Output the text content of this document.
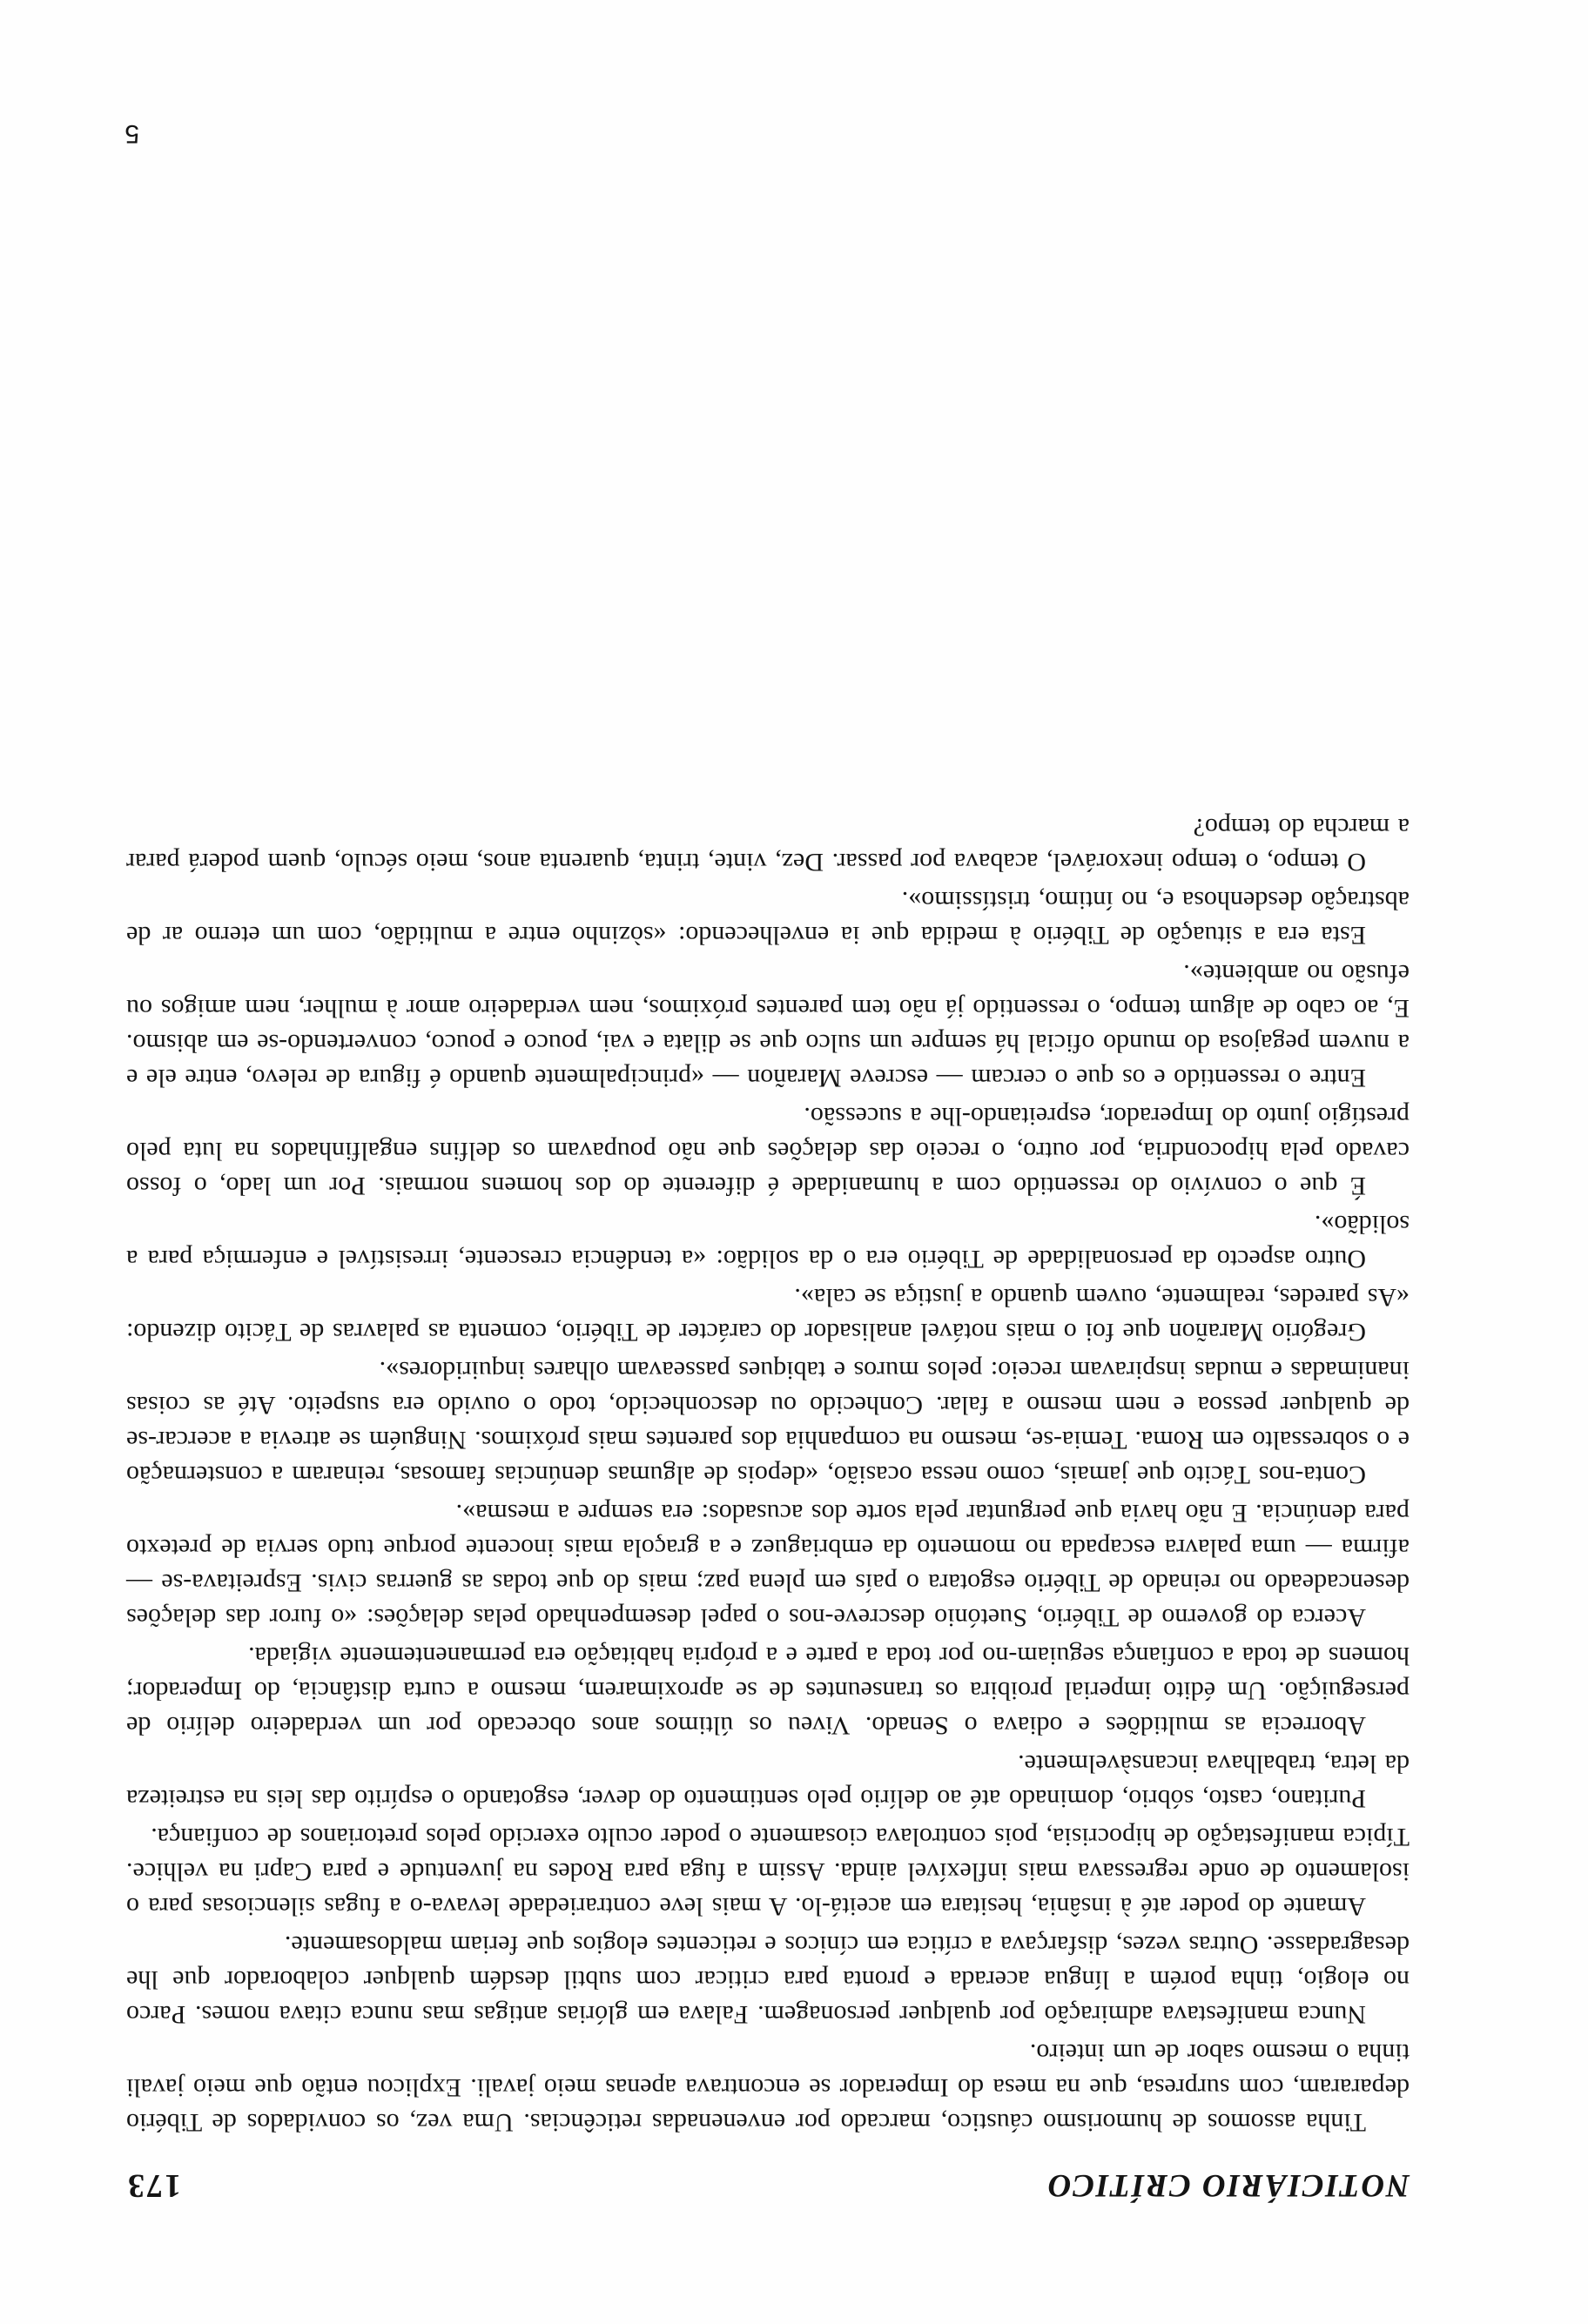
NOTICIÁRIO CRÍTICO
173

Tinha assomos de humorismo cáustico, marcado por envenenadas reticências. Uma vez, os convidados de Tibério depararam, com surpresa, que na mesa do Imperador se encontrava apenas meio javali. Explicou então que meio javali tinha o mesmo sabor de um inteiro.

Nunca manifestava admiração por qualquer personagem. Falava em glórias antigas mas nunca citava nomes. Parco no elogio, tinha porém a língua acerada e pronta para criticar com subtil desdém qualquer colaborador que lhe desagradasse. Outras vezes, disfarçava a crítica em cínicos e reticentes elogios que feriam maldosamente.

Amante do poder até à insânia, hesitara em aceitá-lo. A mais leve contrariedade levava-o a fugas silenciosas para o isolamento de onde regressava mais inflexível ainda. Assim a fuga para Rodes na juventude e para Capri na velhice. Típica manifestação de hipocrisia, pois controlava ciosamente o poder oculto exercido pelos pretorianos de confiança.

Puritano, casto, sóbrio, dominado até ao delírio pelo sentimento do dever, esgotando o espírito das leis na estreiteza da letra, trabalhava incansàvelmente.

Aborrecia as multidões e odiava o Senado. Viveu os últimos anos obcecado por um verdadeiro delírio de perseguição. Um édito imperial proibira os transeuntes de se aproximarem, mesmo a curta distância, do Imperador; homens de toda a confiança seguiam-no por toda a parte e a própria habitação era permanentemente vigiada.

Acerca do governo de Tibério, Suetónio descreve-nos o papel desempenhado pelas delações: «o furor das delações desencadeado no reinado de Tibério esgotara o país em plena paz; mais do que todas as guerras civis. Espreitava-se — afirma — uma palavra escapada no momento da embriaguez e a graçola mais inocente porque tudo servia de pretexto para denúncia. E não havia que perguntar pela sorte dos acusados: era sempre a mesma».

Conta-nos Tácito que jamais, como nessa ocasião, «depois de algumas denúncias famosas, reinaram a consternação e o sobressalto em Roma. Temia-se, mesmo na companhia dos parentes mais próximos. Ninguém se atrevia a acercar-se de qualquer pessoa e nem mesmo a falar. Conhecido ou desconhecido, todo o ouvido era suspeito. Até as coisas inanimadas e mudas inspiravam receio: pelos muros e tabiques passeavam olhares inquiridores».

Gregório Marañon que foi o mais notável analisador do carácter de Tibério, comenta as palavras de Tácito dizendo: «As paredes, realmente, ouvem quando a justiça se cala».

Outro aspecto da personalidade de Tibério era o da solidão: «a tendência crescente, irresistível e enfermiça para a solidão».

É que o convívio do ressentido com a humanidade é diferente do dos homens normais. Por um lado, o fosso cavado pela hipocondria, por outro, o receio das delações que não poupavam os delfins engalfinhados na luta pelo prestígio junto do Imperador, espreitando-lhe a sucessão.

Entre o ressentido e os que o cercam — escreve Marañon — «principalmente quando é figura de relevo, entre ele e a nuvem pegajosa do mundo oficial há sempre um sulco que se dilata e vai, pouco e pouco, convertendo-se em abismo. E, ao cabo de algum tempo, o ressentido já não tem parentes próximos, nem verdadeiro amor à mulher, nem amigos ou efusão no ambiente».

Esta era a situação de Tibério à medida que ia envelhecendo: «sòzinho entre a multidão, com um eterno ar de abstração desdenhosa e, no íntimo, tristíssimo».

O tempo, o tempo inexorável, acabava por passar. Dez, vinte, trinta, quarenta anos, meio século, quem poderá parar a marcha do tempo?

5
